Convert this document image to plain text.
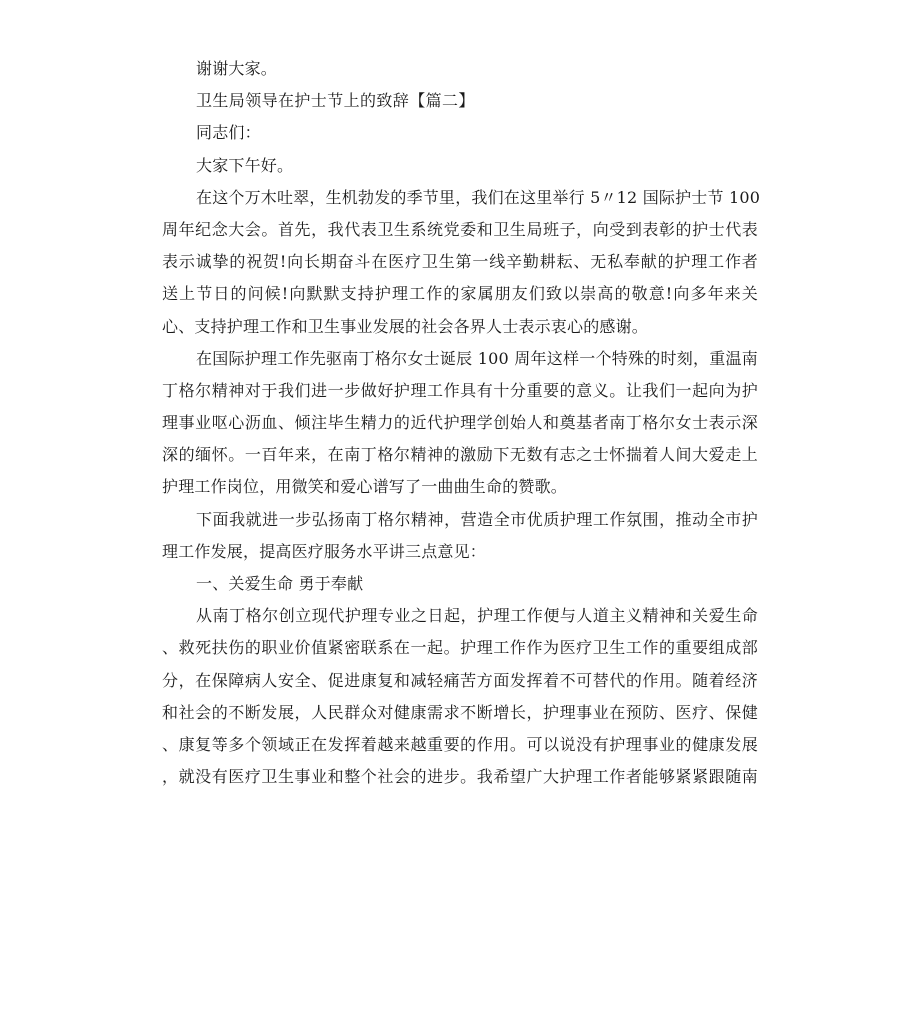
谢谢大家。
卫生局领导在护士节上的致辞【篇二】
同志们：
大家下午好。
在这个万木吐翠，生机勃发的季节里，我们在这里举行 5〃12 国际护士节 100
周年纪念大会。首先，我代表卫生系统党委和卫生局班子，向受到表彰的护士代表
表示诚挚的祝贺!向长期奋斗在医疗卫生第一线辛勤耕耘、无私奉献的护理工作者
送上节日的问候!向默默支持护理工作的家属朋友们致以崇高的敬意!向多年来关
心、支持护理工作和卫生事业发展的社会各界人士表示衷心的感谢。
在国际护理工作先驱南丁格尔女士诞辰 100 周年这样一个特殊的时刻，重温南
丁格尔精神对于我们进一步做好护理工作具有十分重要的意义。让我们一起向为护
理事业呕心沥血、倾注毕生精力的近代护理学创始人和奠基者南丁格尔女士表示深
深的缅怀。一百年来，在南丁格尔精神的激励下无数有志之士怀揣着人间大爱走上
护理工作岗位，用微笑和爱心谱写了一曲曲生命的赞歌。
下面我就进一步弘扬南丁格尔精神，营造全市优质护理工作氛围，推动全市护
理工作发展，提高医疗服务水平讲三点意见：
一、关爱生命 勇于奉献
从南丁格尔创立现代护理专业之日起，护理工作便与人道主义精神和关爱生命
、救死扶伤的职业价值紧密联系在一起。护理工作作为医疗卫生工作的重要组成部
分，在保障病人安全、促进康复和减轻痛苦方面发挥着不可替代的作用。随着经济
和社会的不断发展，人民群众对健康需求不断增长，护理事业在预防、医疗、保健
、康复等多个领域正在发挥着越来越重要的作用。可以说没有护理事业的健康发展
，就没有医疗卫生事业和整个社会的进步。我希望广大护理工作者能够紧紧跟随南
